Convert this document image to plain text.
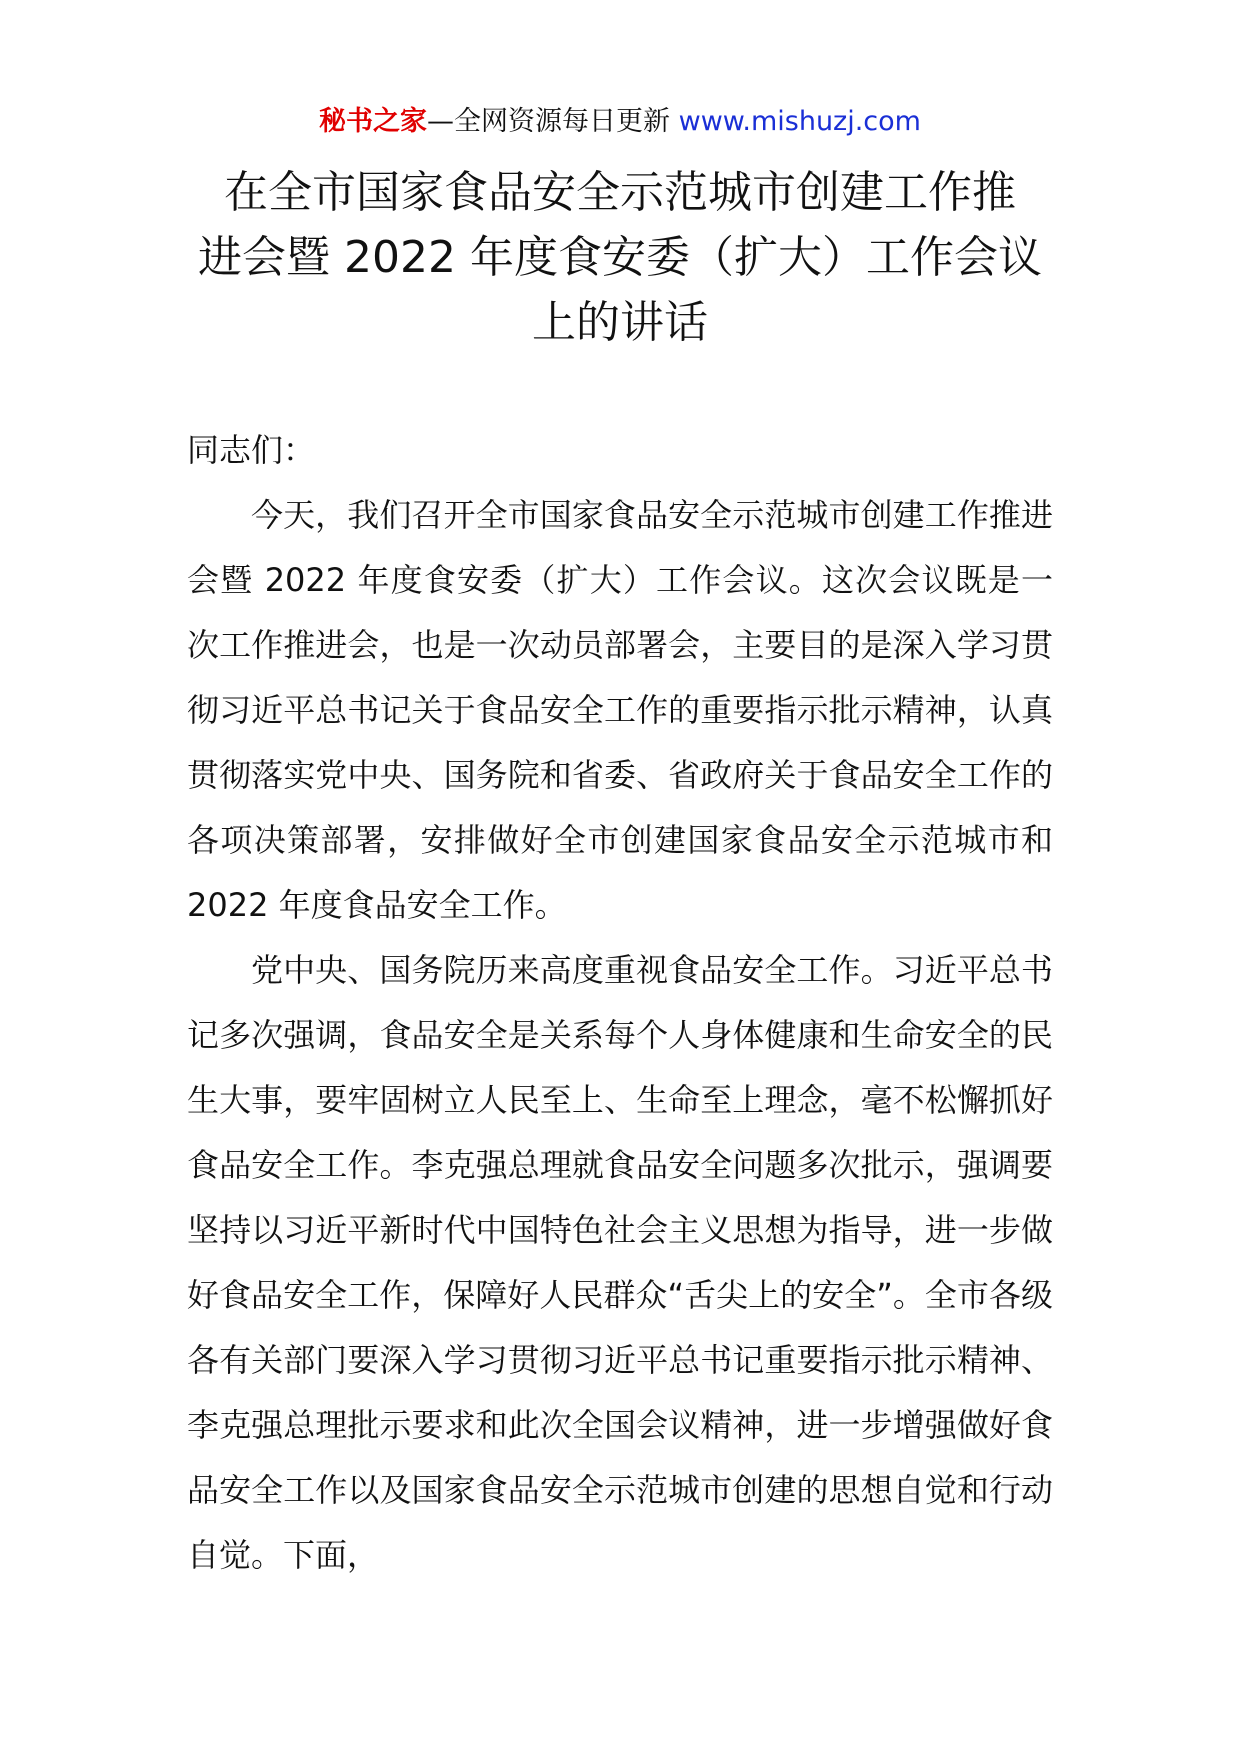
秘书之家—全网资源每日更新 www.mishuzj.com
在全市国家食品安全示范城市创建工作推
进会暨 2022 年度食安委（扩大）工作会议
上的讲话

同志们：

今天，我们召开全市国家食品安全示范城市创建工作推进会暨 2022 年度食安委（扩大）工作会议。这次会议既是一次工作推进会，也是一次动员部署会，主要目的是深入学习贯彻习近平总书记关于食品安全工作的重要指示批示精神，认真贯彻落实党中央、国务院和省委、省政府关于食品安全工作的各项决策部署，安排做好全市创建国家食品安全示范城市和 2022 年度食品安全工作。

党中央、国务院历来高度重视食品安全工作。习近平总书记多次强调，食品安全是关系每个人身体健康和生命安全的民生大事，要牢固树立人民至上、生命至上理念，毫不松懈抓好食品安全工作。李克强总理就食品安全问题多次批示，强调要坚持以习近平新时代中国特色社会主义思想为指导，进一步做好食品安全工作，保障好人民群众“舌尖上的安全”。全市各级各有关部门要深入学习贯彻习近平总书记重要指示批示精神、李克强总理批示要求和此次全国会议精神，进一步增强做好食品安全工作以及国家食品安全示范城市创建的思想自觉和行动自觉。下面，
